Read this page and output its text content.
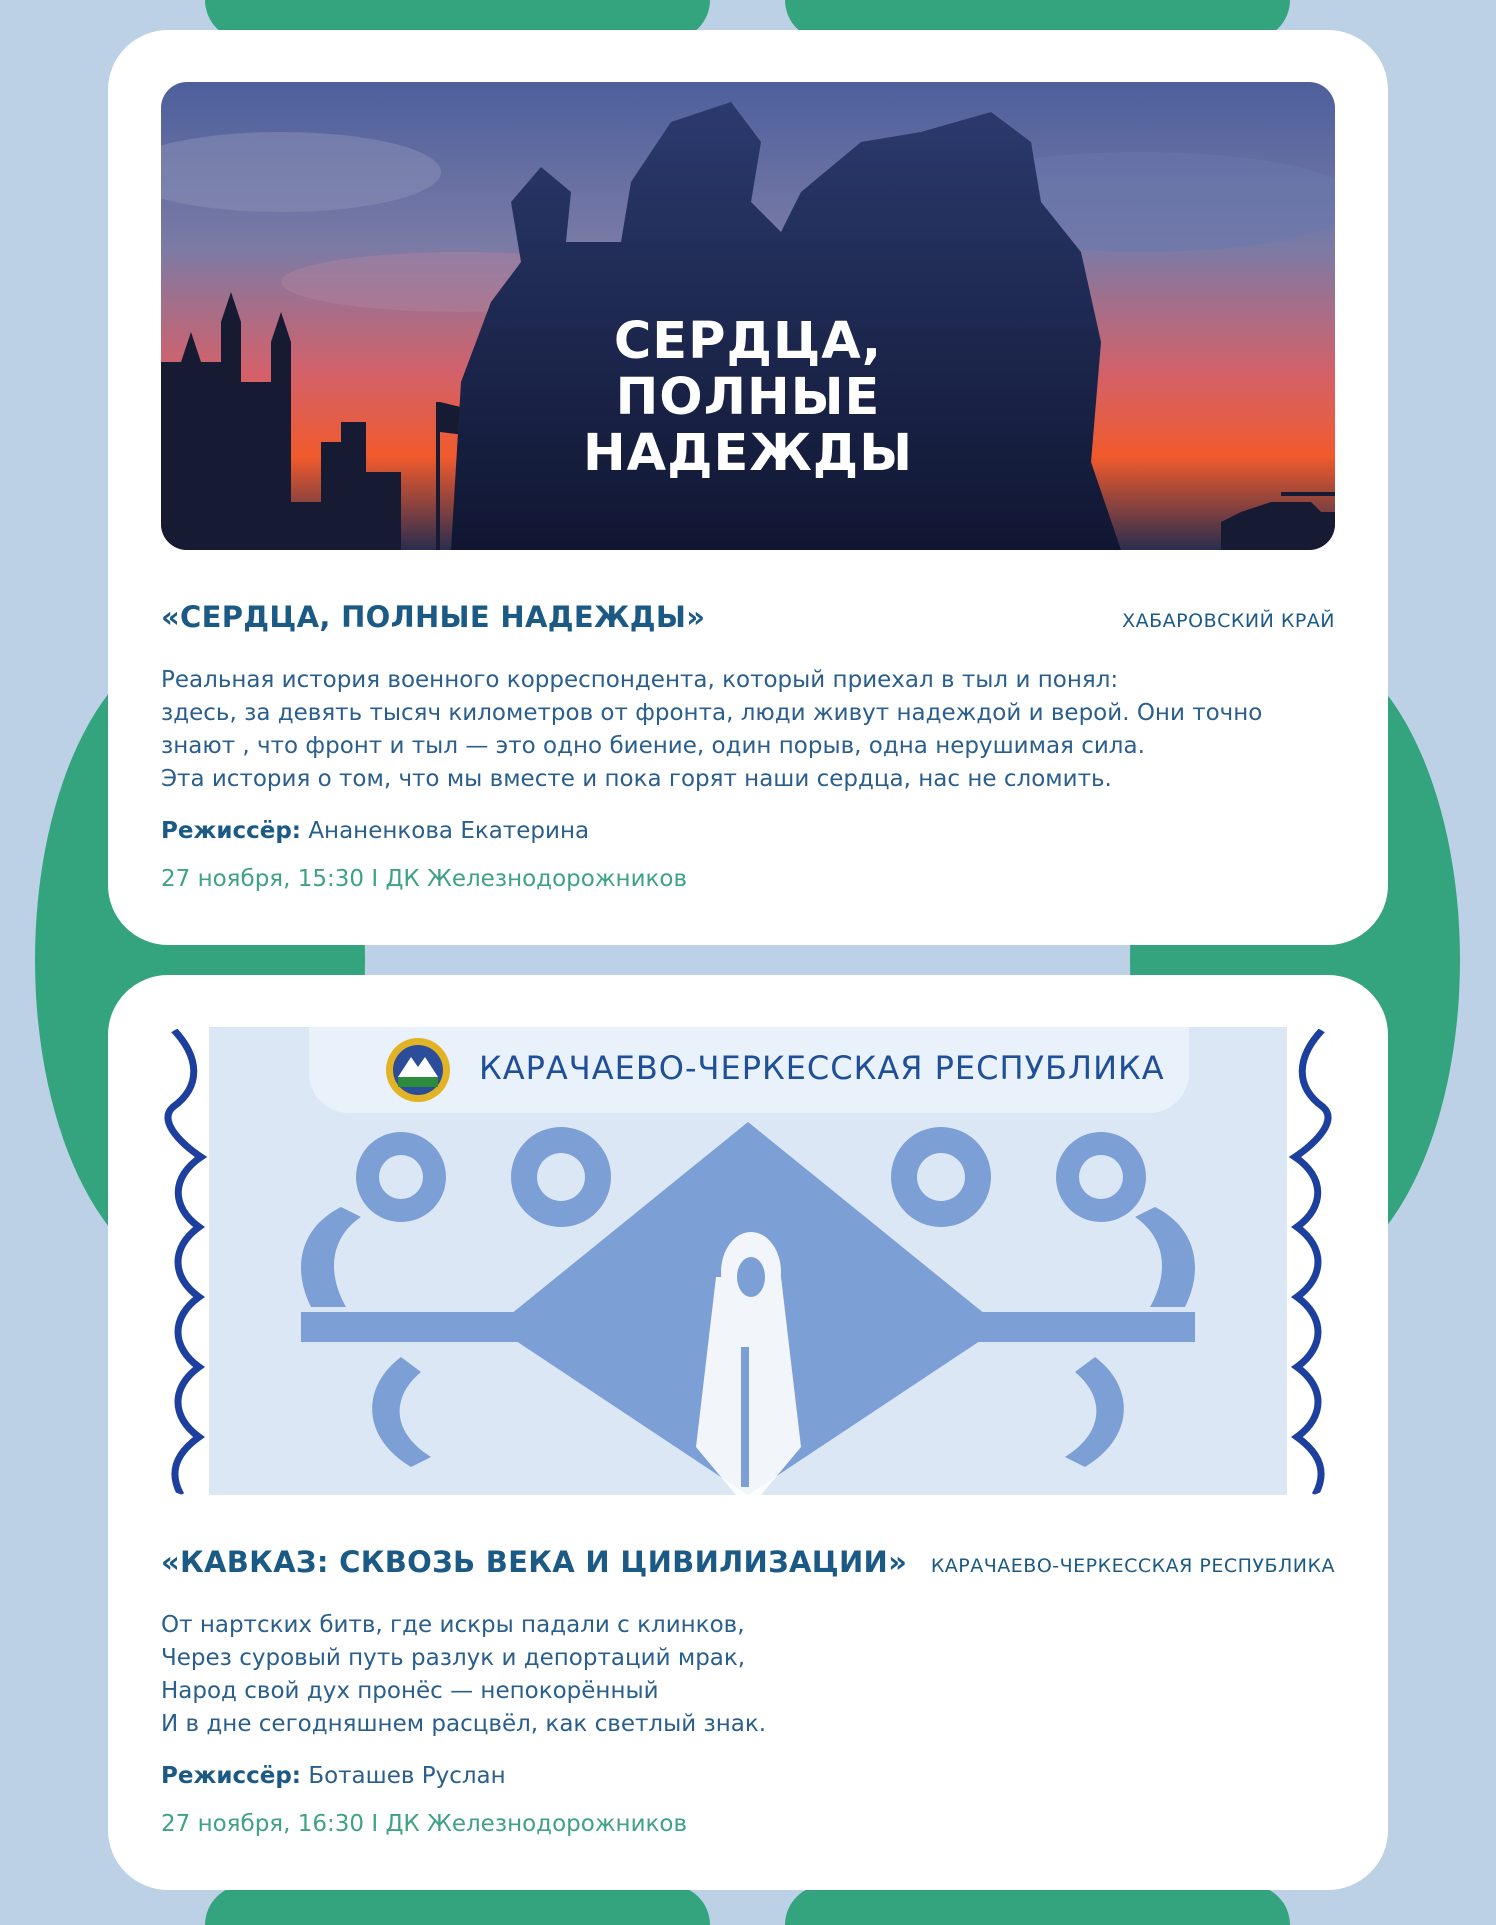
СЕРДЦА,
ПОЛНЫЕ
НАДЕЖДЫ
«СЕРДЦА, ПОЛНЫЕ НАДЕЖДЫ»	ХАБАРОВСКИЙ КРАЙ

Реальная история военного корреспондента, который приехал в тыл и понял:

здесь, за девять тысяч километров от фронта, люди живут надеждой и верой. Они точно

знают , что фронт и тыл — это одно биение, один порыв, одна нерушимая сила.

Эта история о том, что мы вместе и пока горят наши сердца, нас не сломить.

Режиссёр: Ананенкова Екатерина
27 ноября, 15:30 I ДК Железнодорожников
КАРАЧАЕВО-ЧЕРКЕССКАЯ РЕСПУБЛИКА
«КАВКАЗ: СКВОЗЬ ВЕКА И ЦИВИЛИЗАЦИИ» КАРАЧАЕВО-ЧЕРКЕССКАЯ РЕСПУБЛИКА

От нартских битв, где искры падали с клинков,

Через суровый путь разлук и депортаций мрак,

Народ свой дух пронёс — непокорённый

И в дне сегодняшнем расцвёл, как светлый знак.

Режиссёр: Боташев Руслан
27 ноября, 16:30 I ДК Железнодорожников
